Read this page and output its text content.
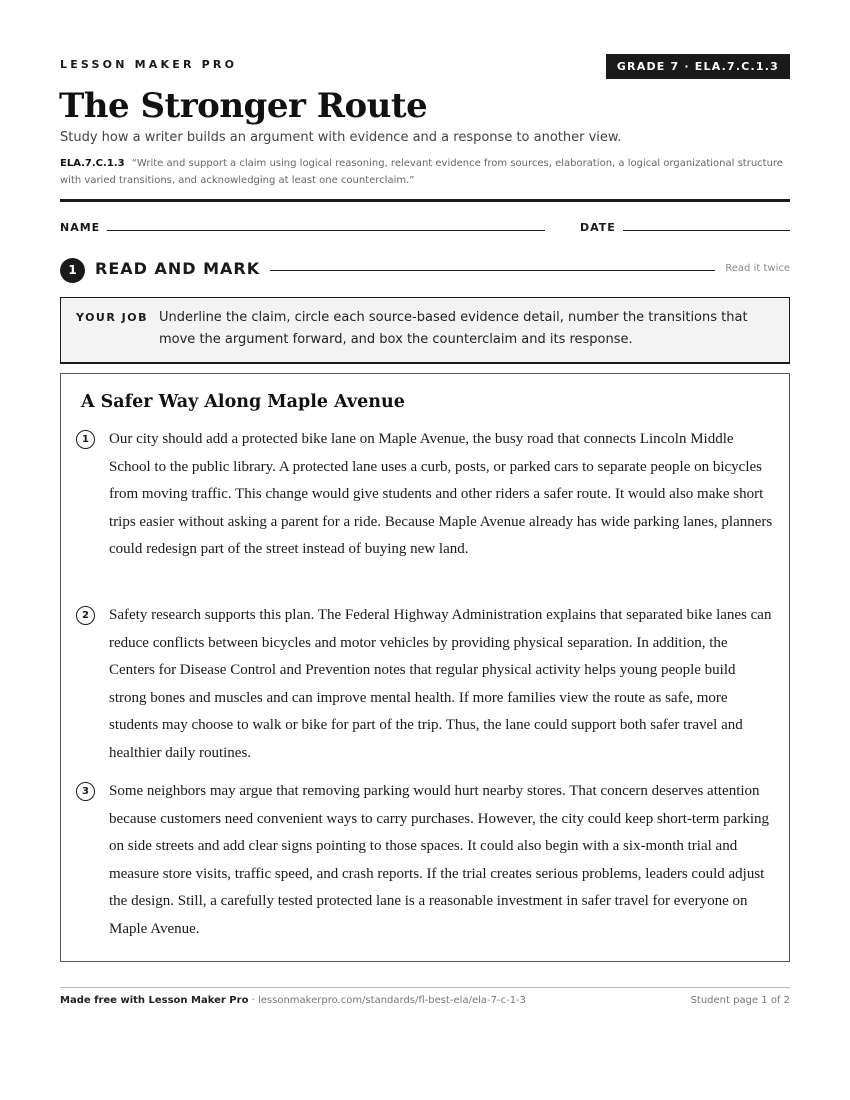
LESSON MAKER PRO	GRADE 7 · ELA.7.C.1.3
The Stronger Route
Study how a writer builds an argument with evidence and a response to another view.
ELA.7.C.1.3 “Write and support a claim using logical reasoning, relevant evidence from sources, elaboration, a logical organizational structure with varied transitions, and acknowledging at least one counterclaim.”
NAME	DATE
1	READ AND MARK	Read it twice
YOUR JOB Underline the claim, circle each source-based evidence detail, number the transitions that move the argument forward, and box the counterclaim and its response.
A Safer Way Along Maple Avenue
1	Our city should add a protected bike lane on Maple Avenue, the busy road that connects Lincoln Middle School to the public library. A protected lane uses a curb, posts, or parked cars to separate people on bicycles from moving traffic. This change would give students and other riders a safer route. It would also make short trips easier without asking a parent for a ride. Because Maple Avenue already has wide parking lanes, planners could redesign part of the street instead of buying new land.

2	Safety research supports this plan. The Federal Highway Administration explains that separated bike lanes can reduce conflicts between bicycles and motor vehicles by providing physical separation. In addition, the Centers for Disease Control and Prevention notes that regular physical activity helps young people build strong bones and muscles and can improve mental health. If more families view the route as safe, more students may choose to walk or bike for part of the trip. Thus, the lane could support both safer travel and healthier daily routines.

3	Some neighbors may argue that removing parking would hurt nearby stores. That concern deserves attention because customers need convenient ways to carry purchases. However, the city could keep short-term parking on side streets and add clear signs pointing to those spaces. It could also begin with a six-month trial and measure store visits, traffic speed, and crash reports. If the trial creates serious problems, leaders could adjust the design. Still, a carefully tested protected lane is a reasonable investment in safer travel for everyone on Maple Avenue.

Made free with Lesson Maker Pro · lessonmakerpro.com/standards/fl-best-ela/ela-7-c-1-3	Student page 1 of 2
